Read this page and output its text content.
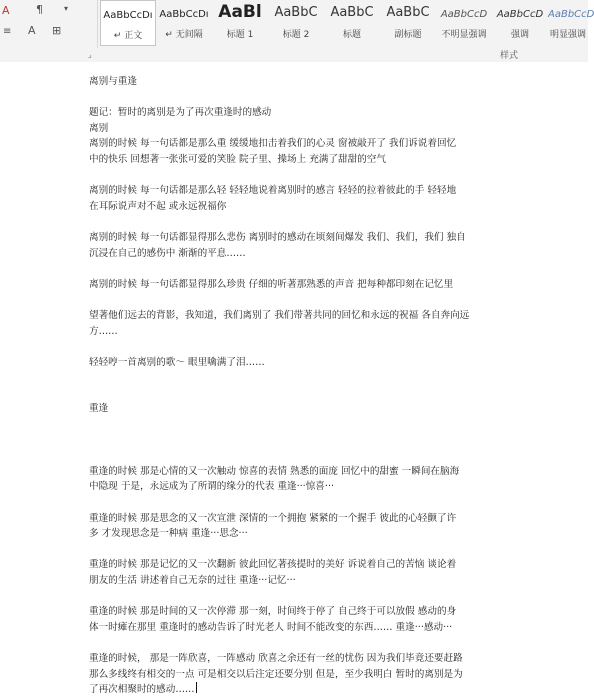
A ¶
A ⊞
▾
≡
AaBbCcDı
↵ 正文
AaBbCcDı
↵ 无间隔
AaBl
标题 1
AaBbC
标题 2
AaBbC
标题
AaBbC
副标题
AaBbCcD
不明显强调
AaBbCcD
强调
AaBbCcD
明显强调
⌟	样式

离别与重逢

题记：暂时的离别是为了再次重逢时的感动

离别

离别的时候 每一句话都是那么重 缓缓地扣击着我们的心灵 窗被敲开了 我们诉说着回忆

中的快乐 回想著一张张可爱的笑脸 院子里、操场上 充满了甜甜的空气

离别的时候 每一句话都是那么轻 轻轻地说着离别时的感言 轻轻的拉着彼此的手 轻轻地

在耳际说声对不起 或永远祝福你

离别的时候 每一句话都显得那么悲伤 离别时的感动在顷刻间爆发 我们、我们，我们 独自

沉浸在自己的感伤中 渐渐的平息……

离别的时候 每一句话都显得那么珍贵 仔细的听著那熟悉的声音 把每种都印刻在记忆里

望著他们远去的背影，我知道，我们离别了 我们带著共同的回忆和永远的祝福 各自奔向远

方……

轻轻哼一首离别的歌～ 眼里噙满了泪……

重逢

重逢的时候 那是心情的又一次触动 惊喜的表情 熟悉的面庞 回忆中的甜蜜 一瞬间在脑海

中隐现 于是，永远成为了所谓的缘分的代表 重逢···惊喜···

重逢的时候 那是思念的又一次宣泄 深情的一个拥抱 紧紧的一个握手 彼此的心轻颤了许

多 才发现思念是一种病 重逢···思念···

重逢的时候 那是记忆的又一次翻新 彼此回忆著孩提时的美好 诉说着自己的苦恼 谈论着

朋友的生活 讲述着自己无奈的过往 重逢···记忆···

重逢的时候 那是时间的又一次停滞 那一刻，时间终于停了 自己终于可以放假 感动的身

体一时瘫在那里 重逢时的感动告诉了时光老人 时间不能改变的东西…… 重逢···感动···

重逢的时候， 那是一阵欣喜，一阵感动 欣喜之余还有一丝的忧伤 因为我们毕竟还要赶路

那么多线终有相交的一点 可是相交以后注定还要分别 但是，至少我明白 暂时的离别是为

了再次相聚时的感动……
